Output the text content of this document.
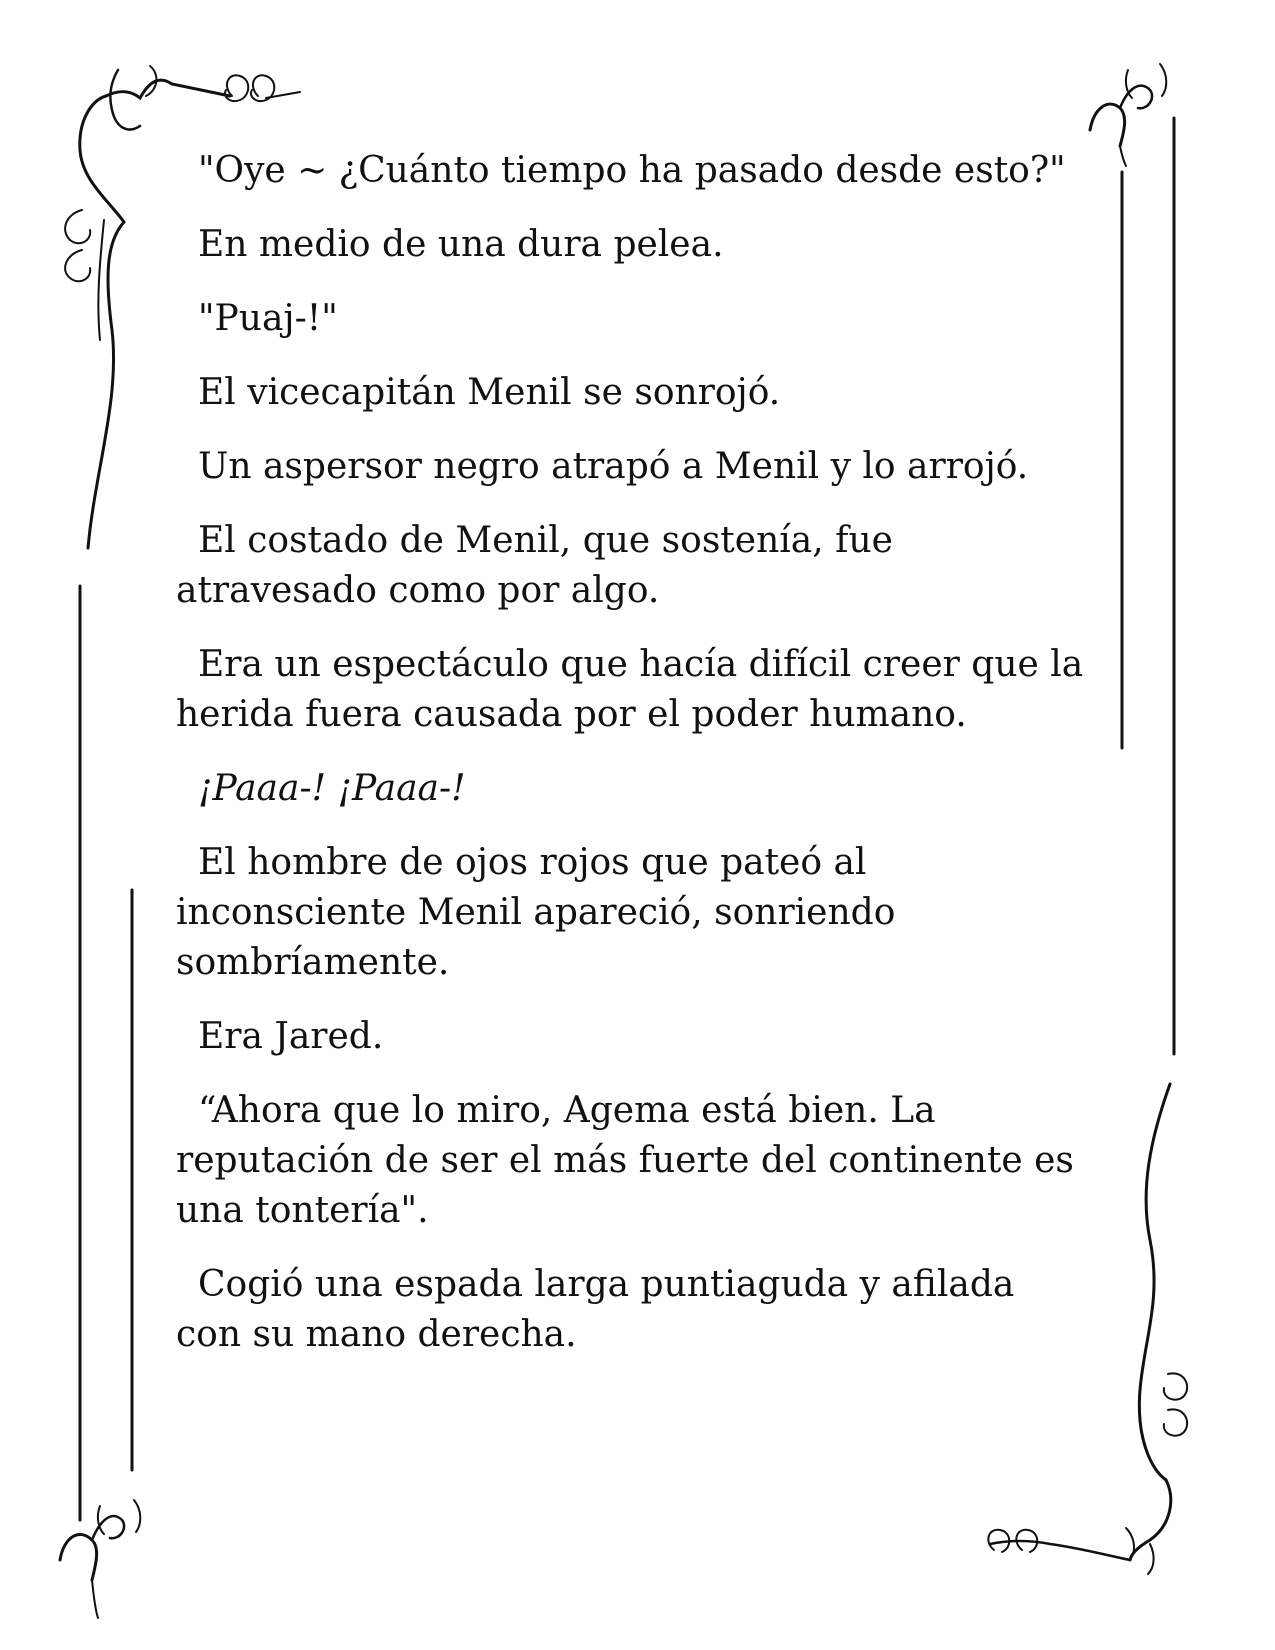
"Oye ~ ¿Cuánto tiempo ha pasado desde esto?"

En medio de una dura pelea.

"Puaj-!"

El vicecapitán Menil se sonrojó.

Un aspersor negro atrapó a Menil y lo arrojó.

El costado de Menil, que sostenía, fue atravesado como por algo.

Era un espectáculo que hacía difícil creer que la herida fuera causada por el poder humano.

¡Paaa-! ¡Paaa-!

El hombre de ojos rojos que pateó al inconsciente Menil apareció, sonriendo sombríamente.

Era Jared.

“Ahora que lo miro, Agema está bien. La reputación de ser el más fuerte del continente es una tontería".

Cogió una espada larga puntiaguda y afilada con su mano derecha.
